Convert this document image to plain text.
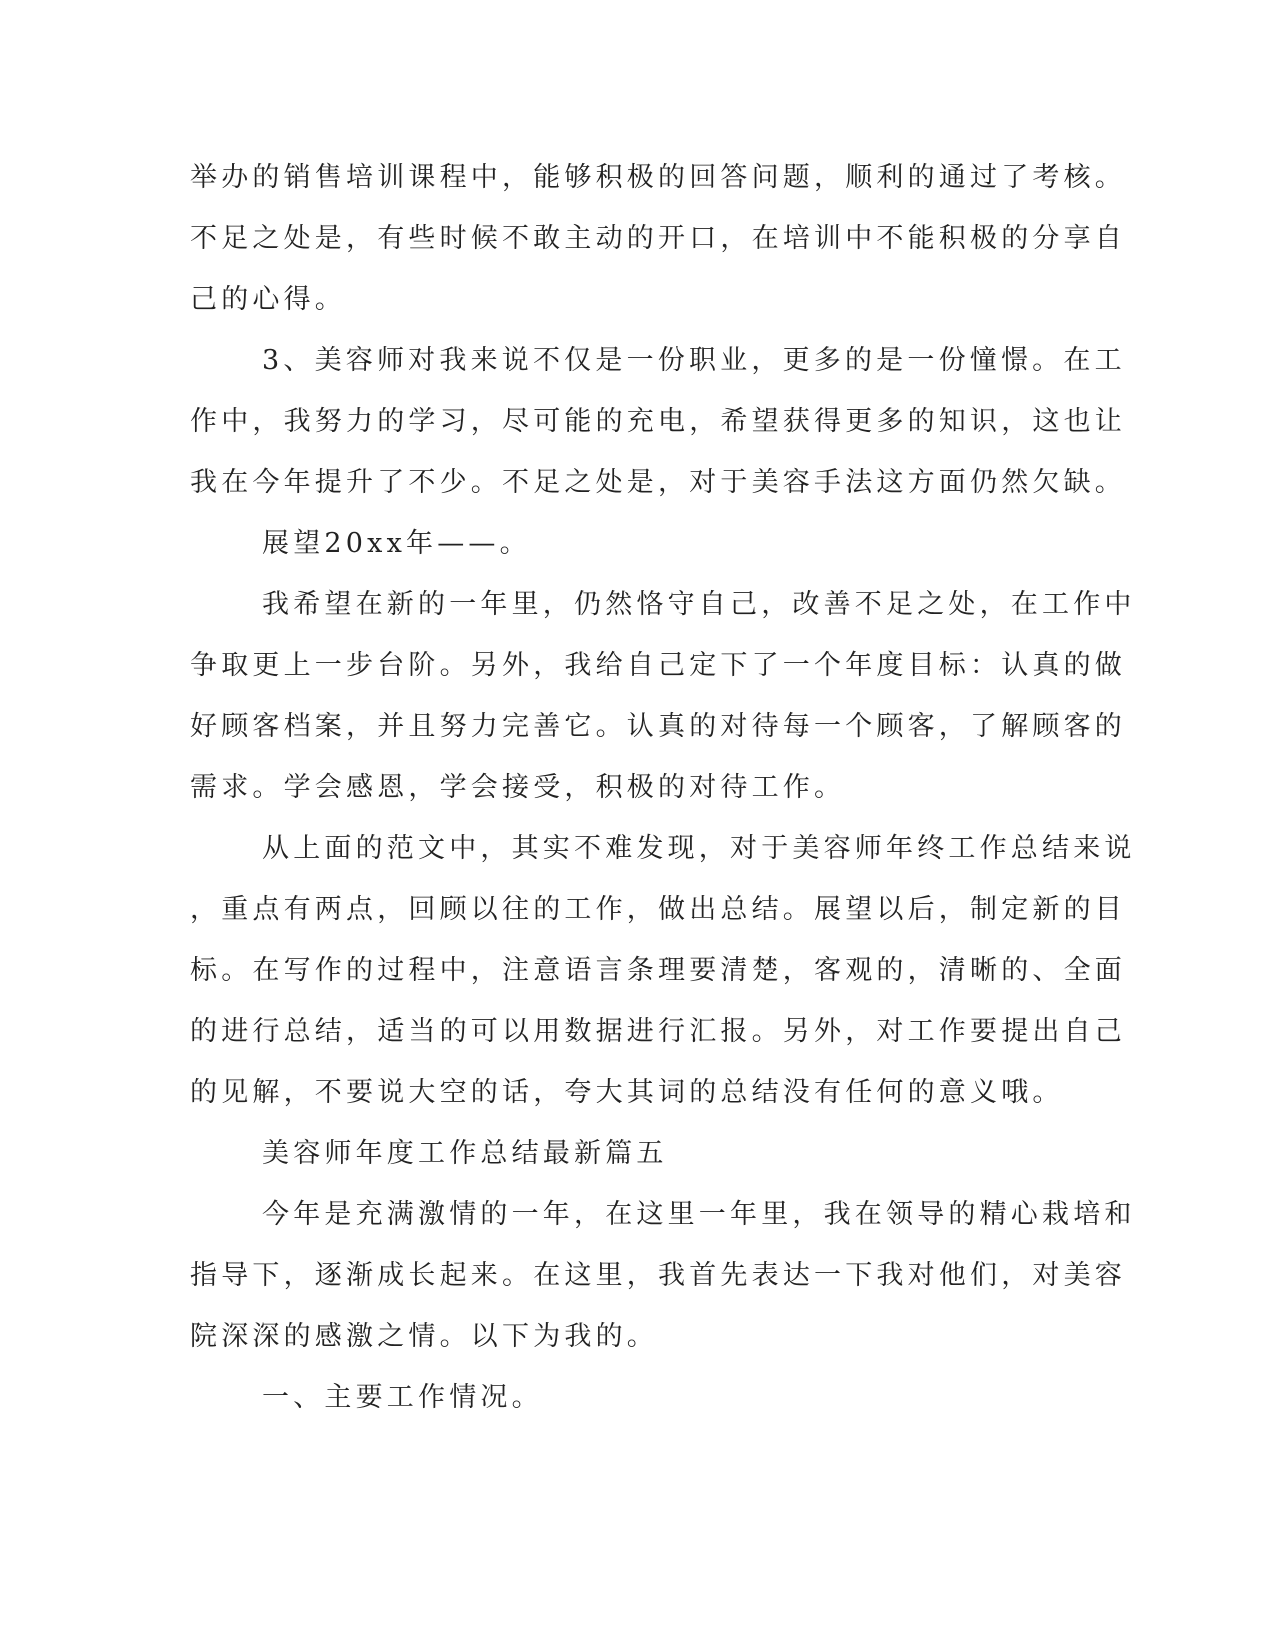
举办的销售培训课程中，能够积极的回答问题，顺利的通过了考核。
不足之处是，有些时候不敢主动的开口，在培训中不能积极的分享自
己的心得。
3、美容师对我来说不仅是一份职业，更多的是一份憧憬。在工
作中，我努力的学习，尽可能的充电，希望获得更多的知识，这也让
我在今年提升了不少。不足之处是，对于美容手法这方面仍然欠缺。
展望20xx年——。
我希望在新的一年里，仍然恪守自己，改善不足之处，在工作中
争取更上一步台阶。另外，我给自己定下了一个年度目标：认真的做
好顾客档案，并且努力完善它。认真的对待每一个顾客，了解顾客的
需求。学会感恩，学会接受，积极的对待工作。
从上面的范文中，其实不难发现，对于美容师年终工作总结来说
，重点有两点，回顾以往的工作，做出总结。展望以后，制定新的目
标。在写作的过程中，注意语言条理要清楚，客观的，清晰的、全面
的进行总结，适当的可以用数据进行汇报。另外，对工作要提出自己
的见解，不要说大空的话，夸大其词的总结没有任何的意义哦。
美容师年度工作总结最新篇五
今年是充满激情的一年，在这里一年里，我在领导的精心栽培和
指导下，逐渐成长起来。在这里，我首先表达一下我对他们，对美容
院深深的感激之情。以下为我的。
一、主要工作情况。
